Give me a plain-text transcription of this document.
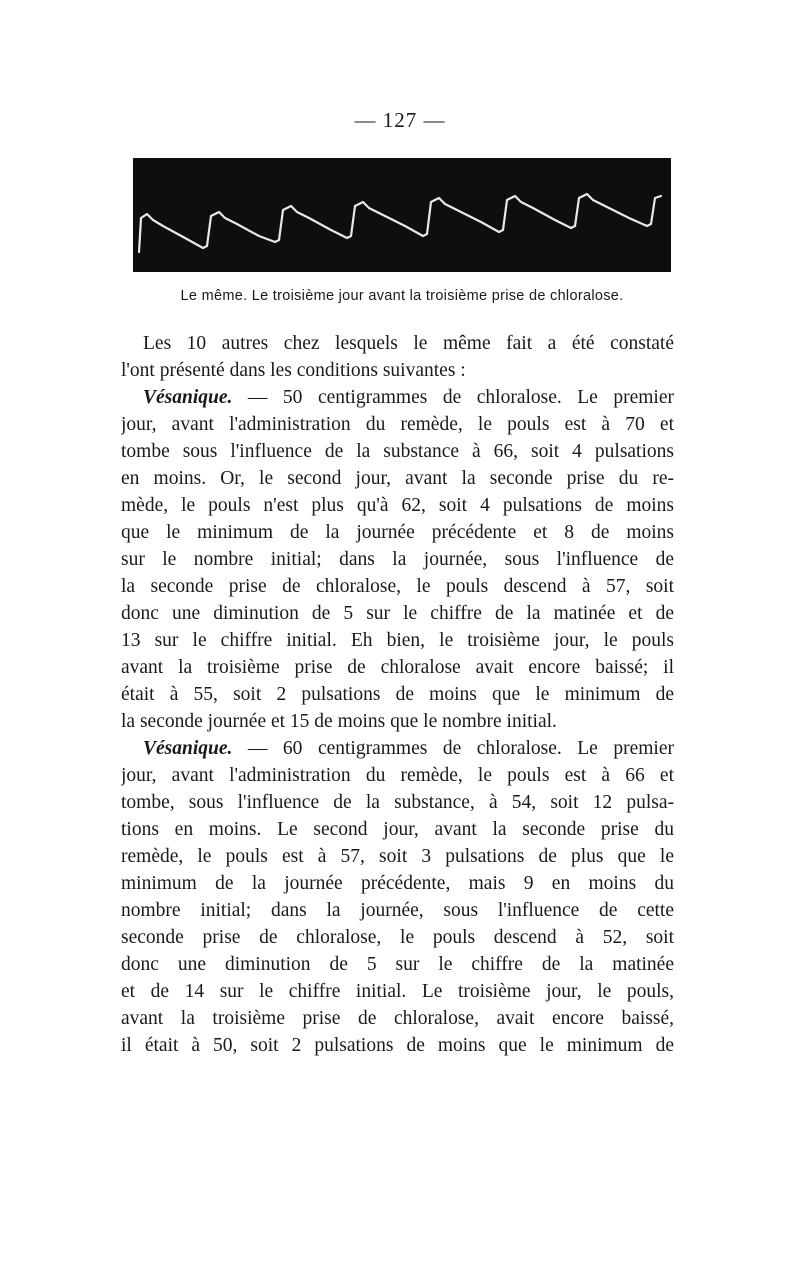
— 127 —
Le même. Le troisième jour avant la troisième prise de chloralose.
Les 10 autres chez lesquels le même fait a été constaté
l'ont présenté dans les conditions suivantes :
Vésanique. — 50 centigrammes de chloralose. Le premier
jour, avant l'administration du remède, le pouls est à 70 et
tombe sous l'influence de la substance à 66, soit 4 pulsations
en moins. Or, le second jour, avant la seconde prise du re-
mède, le pouls n'est plus qu'à 62, soit 4 pulsations de moins
que le minimum de la journée précédente et 8 de moins
sur le nombre initial; dans la journée, sous l'influence de
la seconde prise de chloralose, le pouls descend à 57, soit
donc une diminution de 5 sur le chiffre de la matinée et de
13 sur le chiffre initial. Eh bien, le troisième jour, le pouls
avant la troisième prise de chloralose avait encore baissé; il
était à 55, soit 2 pulsations de moins que le minimum de
la seconde journée et 15 de moins que le nombre initial.
Vésanique. — 60 centigrammes de chloralose. Le premier
jour, avant l'administration du remède, le pouls est à 66 et
tombe, sous l'influence de la substance, à 54, soit 12 pulsa-
tions en moins. Le second jour, avant la seconde prise du
remède, le pouls est à 57, soit 3 pulsations de plus que le
minimum de la journée précédente, mais 9 en moins du
nombre initial; dans la journée, sous l'influence de cette
seconde prise de chloralose, le pouls descend à 52, soit
donc une diminution de 5 sur le chiffre de la matinée
et de 14 sur le chiffre initial. Le troisième jour, le pouls,
avant la troisième prise de chloralose, avait encore baissé,
il était à 50, soit 2 pulsations de moins que le minimum de
